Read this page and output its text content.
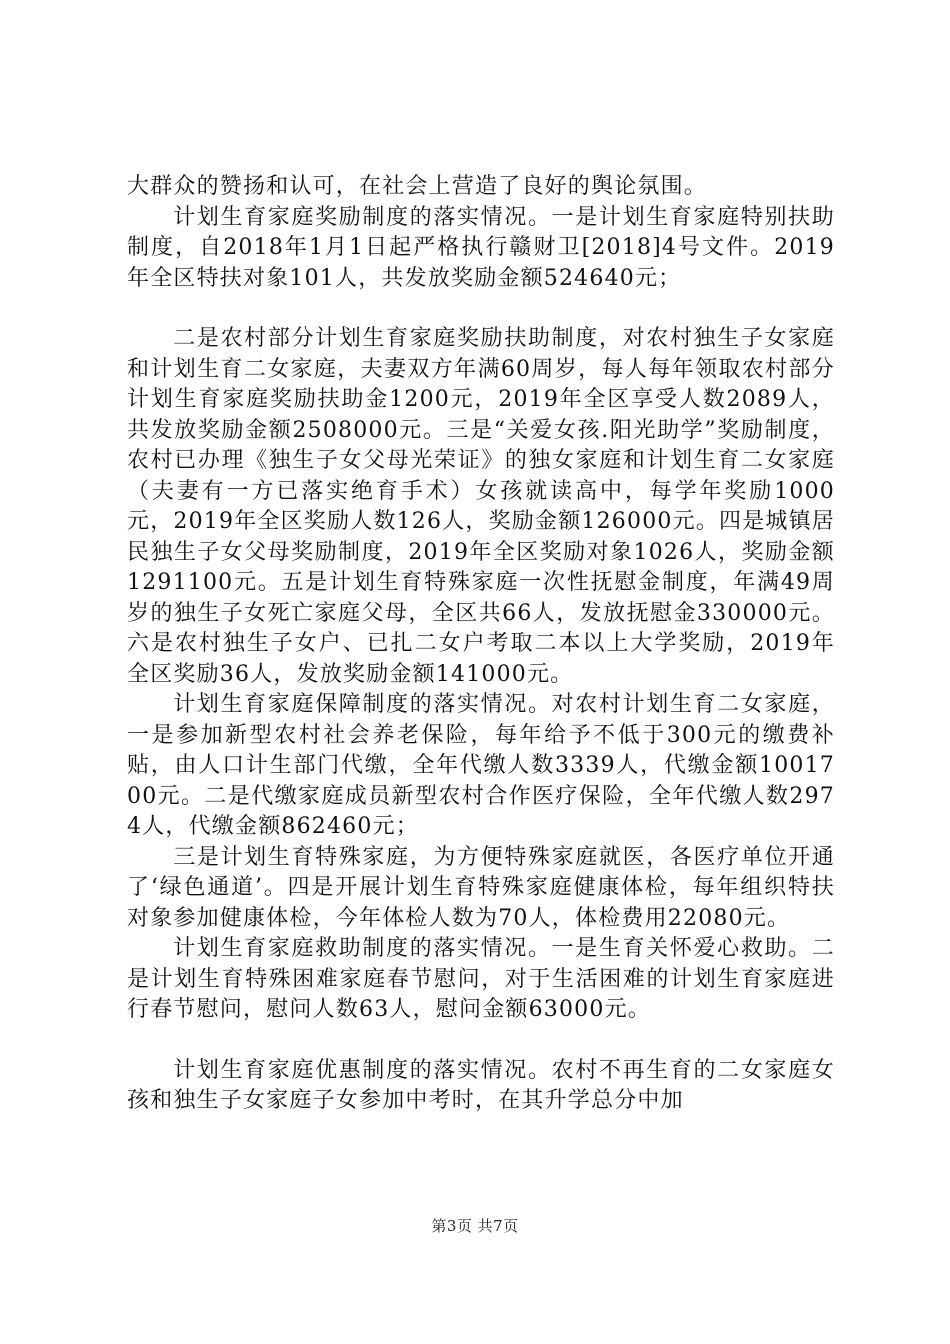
大群众的赞扬和认可，在社会上营造了良好的舆论氛围。

计划生育家庭奖励制度的落实情况。一是计划生育家庭特别扶助制度，自2018年1月1日起严格执行赣财卫[2018]4号文件。2019年全区特扶对象101人，共发放奖励金额524640元；

二是农村部分计划生育家庭奖励扶助制度，对农村独生子女家庭和计划生育二女家庭，夫妻双方年满60周岁，每人每年领取农村部分计划生育家庭奖励扶助金1200元，2019年全区享受人数2089人，共发放奖励金额2508000元。三是“关爱女孩.阳光助学”奖励制度，农村已办理《独生子女父母光荣证》的独女家庭和计划生育二女家庭（夫妻有一方已落实绝育手术）女孩就读高中，每学年奖励1000元，2019年全区奖励人数126人，奖励金额126000元。四是城镇居民独生子女父母奖励制度，2019年全区奖励对象1026人，奖励金额1291100元。五是计划生育特殊家庭一次性抚慰金制度，年满49周岁的独生子女死亡家庭父母，全区共66人，发放抚慰金330000元。六是农村独生子女户、已扎二女户考取二本以上大学奖励，2019年全区奖励36人，发放奖励金额141000元。

计划生育家庭保障制度的落实情况。对农村计划生育二女家庭，一是参加新型农村社会养老保险，每年给予不低于300元的缴费补贴，由人口计生部门代缴，全年代缴人数3339人，代缴金额1001700元。二是代缴家庭成员新型农村合作医疗保险，全年代缴人数2974人，代缴金额862460元；

三是计划生育特殊家庭，为方便特殊家庭就医，各医疗单位开通了‘绿色通道’。四是开展计划生育特殊家庭健康体检，每年组织特扶对象参加健康体检，今年体检人数为70人，体检费用22080元。

计划生育家庭救助制度的落实情况。一是生育关怀爱心救助。二是计划生育特殊困难家庭春节慰问，对于生活困难的计划生育家庭进行春节慰问，慰问人数63人，慰问金额63000元。

计划生育家庭优惠制度的落实情况。农村不再生育的二女家庭女孩和独生子女家庭子女参加中考时，在其升学总分中加

第3页 共7页
